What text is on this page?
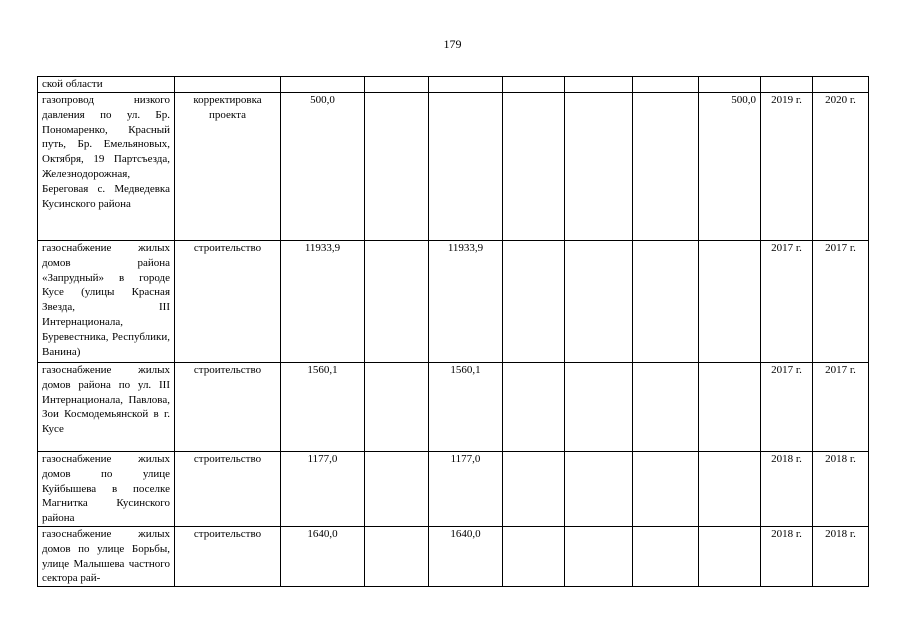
179
ской области										
газопровод низкого давления по ул. Бр. Пономаренко, Красный путь, Бр. Емельяновых, Октября, 19 Партсъезда, Железнодорожная, Береговая с. Медведевка Кусинского района	корректировка проекта	500,0						500,0	2019 г.	2020 г.
газоснабжение жилых домов района «Запрудный» в городе Кусе (улицы Красная Звезда, III Интернационала, Буревестника, Республики, Ванина)	строительство	11933,9		11933,9					2017 г.	2017 г.
газоснабжение жилых домов района по ул. III Интернационала, Павлова, Зои Космодемьянской в г. Кусе	строительство	1560,1		1560,1					2017 г.	2017 г.
газоснабжение жилых домов по улице Куйбышева в поселке Магнитка Кусинского района	строительство	1177,0		1177,0					2018 г.	2018 г.
газоснабжение жилых домов по улице Борьбы, улице Малышева частного сектора рай-	строительство	1640,0		1640,0					2018 г.	2018 г.
